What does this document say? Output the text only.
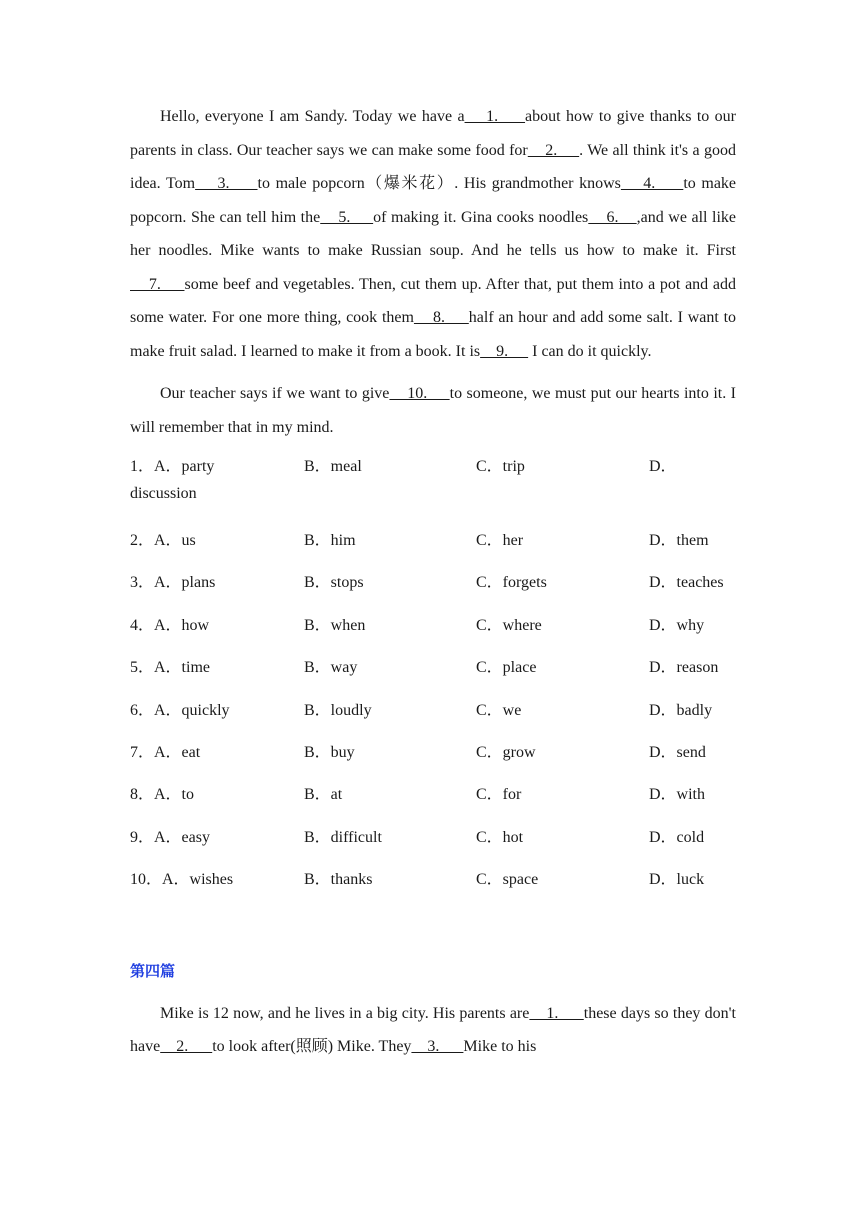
Hello, everyone I am Sandy. Today we have a    1.     about how to give thanks to our parents in class. Our teacher says we can make some food for    2.     . We all think it's a good idea. Tom    3.     to male popcorn（爆米花）. His grandmother knows    4.     to make popcorn. She can tell him the    5.     of making it. Gina cooks noodles    6.    ,and we all like her noodles. Mike wants to make Russian soup. And he tells us how to make it. First    7.     some beef and vegetables. Then, cut them up. After that, put them into a pot and add some water. For one more thing, cook them    8.     half an hour and add some salt. I want to make fruit salad. I learned to make it from a book. It is    9.      I can do it quickly.

Our teacher says if we want to give    10.     to someone, we must put our hearts into it. I will remember that in my mind.

1．A．party	B．meal	C．trip	D．
discussion
2．A．us	B．him	C．her	D．them
3．A．plans	B．stops	C．forgets	D．teaches
4．A．how	B．when	C．where	D．why
5．A．time	B．way	C．place	D．reason
6．A．quickly	B．loudly	C．we	D．badly
7．A．eat	B．buy	C．grow	D．send
8．A．to	B．at	C．for	D．with
9．A．easy	B．difficult	C．hot	D．cold
10．A．wishes	B．thanks	C．space	D．luck
第四篇

Mike is 12 now, and he lives in a big city. His parents are    1.      these days so they don't have    2.      to look after(照顾) Mike. They    3.      Mike to his
